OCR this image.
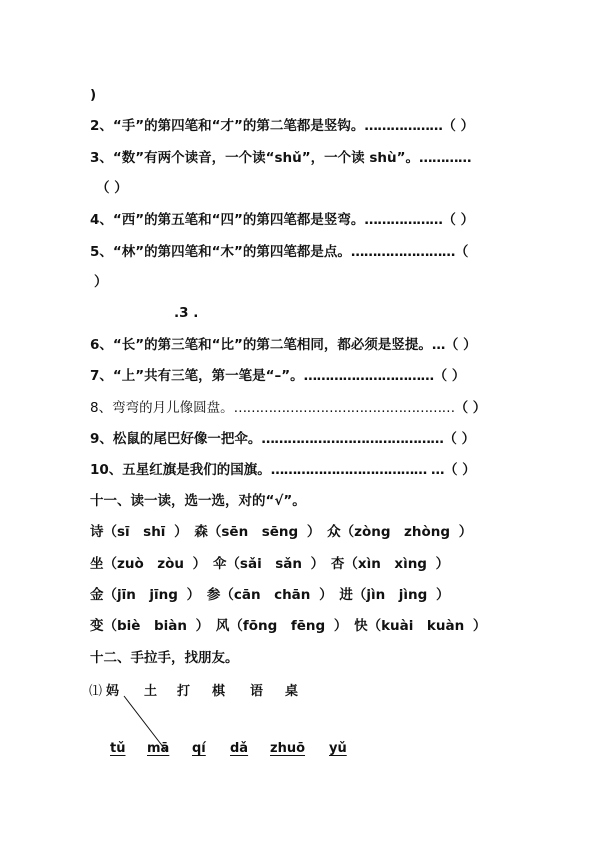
)
2、“手”的第四笔和“才”的第二笔都是竖钩。………………（ ）
3、“数”有两个读音，一个读“shǔ”，一个读 shù”。…………
（ ）
4、“西”的第五笔和“四”的第四笔都是竖弯。………………（ ）
5、“林”的第四笔和“木”的第四笔都是点。……………………（
）
.3 .
6、“长”的第三笔和“比”的第二笔相同，都必须是竖提。…（ ）
7、“上”共有三笔，第一笔是“–”。…………………………（ ）
8、弯弯的月儿像圆盘。……………………………………………（ ）
9、松鼠的尾巴好像一把伞。……………………………………（ ）
10、五星红旗是我们的国旗。……………………………… …（ ）
十一、读一读，选一选，对的“√”。
诗（sī　shī ）　森（sēn　sēng ）　众（zòng　zhòng ）
坐（zuò　zòu ）　伞（sǎi　sǎn ）　杏（xìn　xìng ）
金（jīn　jīng ）　参（cān　chān ）　进（jìn　jìng ）
变（biè　biàn ）　风（fōng　fēng ）　快（kuài　kuàn ）
十二、手拉手，找朋友。
⑴ 妈 土 打 棋 语 桌
tǔ mā qí dǎ zhuō yǔ
